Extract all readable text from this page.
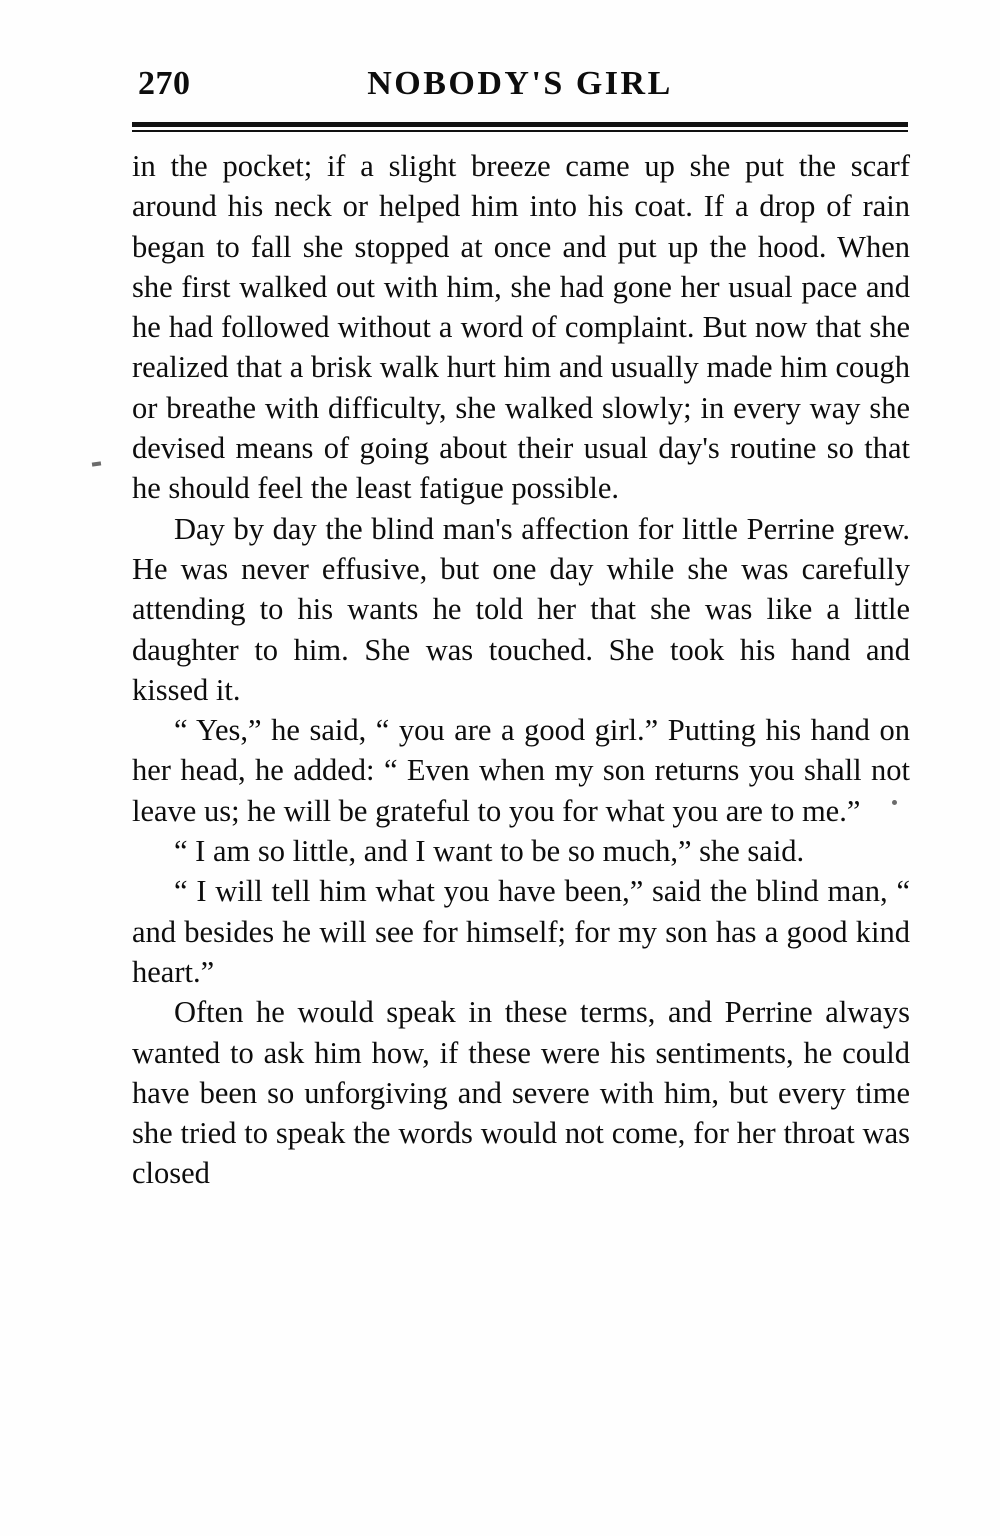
270	NOBODY'S GIRL

in the pocket; if a slight breeze came up she put the scarf around his neck or helped him into his coat. If a drop of rain began to fall she stopped at once and put up the hood. When she first walked out with him, she had gone her usual pace and he had followed without a word of complaint. But now that she realized that a brisk walk hurt him and usually made him cough or breathe with difficulty, she walked slowly; in every way she devised means of going about their usual day's routine so that he should feel the least fatigue possible.

Day by day the blind man's affection for little Perrine grew. He was never effusive, but one day while she was carefully attending to his wants he told her that she was like a little daughter to him. She was touched. She took his hand and kissed it.

“ Yes,” he said, “ you are a good girl.” Putting his hand on her head, he added: “ Even when my son returns you shall not leave us; he will be grateful to you for what you are to me.”

“ I am so little, and I want to be so much,” she said.

“ I will tell him what you have been,” said the blind man, “ and besides he will see for himself; for my son has a good kind heart.”

Often he would speak in these terms, and Perrine always wanted to ask him how, if these were his sentiments, he could have been so unforgiving and severe with him, but every time she tried to speak the words would not come, for her throat was closed
